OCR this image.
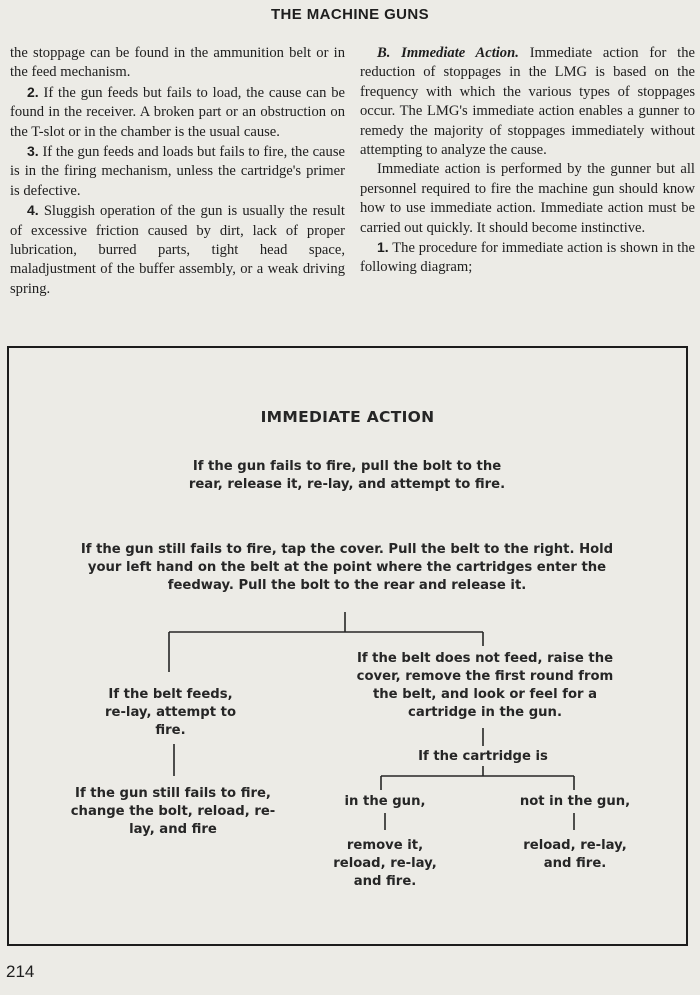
THE MACHINE GUNS

the stoppage can be found in the ammunition belt or in the feed mechanism.

2. If the gun feeds but fails to load, the cause can be found in the receiver. A broken part or an obstruction on the T-slot or in the chamber is the usual cause.

3. If the gun feeds and loads but fails to fire, the cause is in the firing mechanism, unless the cartridge's primer is defective.

4. Sluggish operation of the gun is usually the result of excessive friction caused by dirt, lack of proper lubrication, burred parts, tight head space, maladjustment of the buffer assembly, or a weak driving spring.

B. Immediate Action. Immediate action for the reduction of stoppages in the LMG is based on the frequency with which the various types of stoppages occur. The LMG's immediate action enables a gunner to remedy the majority of stoppages immediately without attempting to analyze the cause.

Immediate action is performed by the gunner but all personnel required to fire the machine gun should know how to use immediate action. Immediate action must be carried out quickly. It should become instinctive.

1. The procedure for immediate action is shown in the following diagram;

IMMEDIATE ACTION
If the gun fails to fire, pull the bolt to the rear, release it, re-lay, and attempt to fire.
If the gun still fails to fire, tap the cover. Pull the belt to the right. Hold your left hand on the belt at the point where the cartridges enter the feedway. Pull the bolt to the rear and release it.
If the belt feeds, re-lay, attempt to fire.
If the gun still fails to fire, change the bolt, reload, re-lay, and fire
If the belt does not feed, raise the cover, remove the first round from the belt, and look or feel for a cartridge in the gun.
If the cartridge is
in the gun,	not in the gun,
remove it, reload, re-lay, and fire.
reload, re-lay, and fire.
214
